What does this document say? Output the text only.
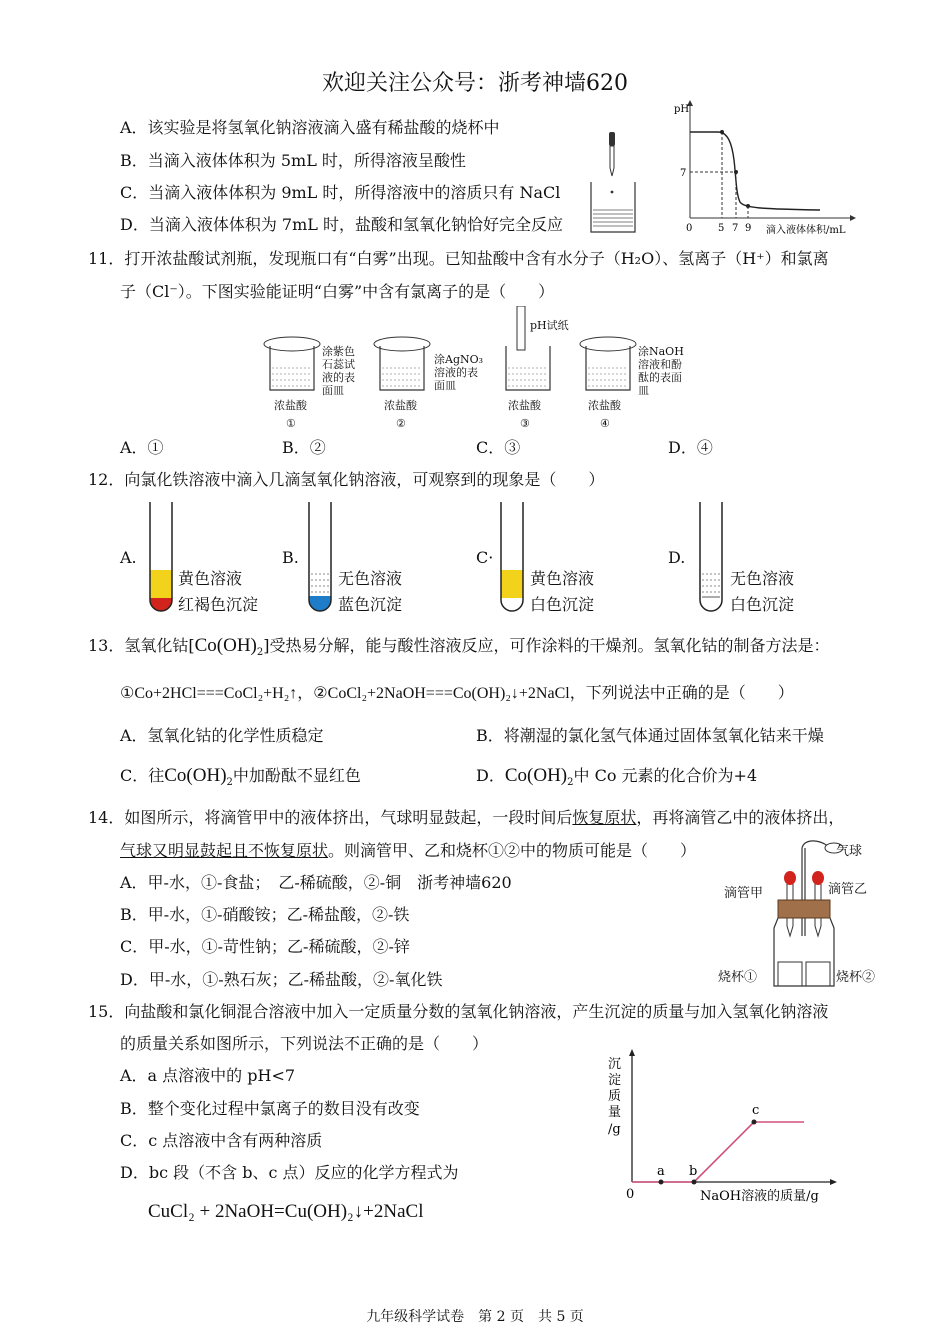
欢迎关注公众号：浙考神墙620
A．该实验是将氢氧化钠溶液滴入盛有稀盐酸的烧杯中
B．当滴入液体体积为 5mL 时，所得溶液呈酸性
C．当滴入液体体积为 9mL 时，所得溶液中的溶质只有 NaCl
D．当滴入液体体积为 7mL 时，盐酸和氢氧化钠恰好完全反应
pH
7
0	5 7 9 滴入液体体积/mL
11．打开浓盐酸试剂瓶，发现瓶口有“白雾”出现。已知盐酸中含有水分子（H₂O）、氢离子（H⁺）和氯离
子（Cl⁻）。下图实验能证明“白雾”中含有氯离子的是（　　）
涂紫色
石蕊试
液的表
面皿
浓盐酸
①
涂AgNO₃
溶液的表
面皿
浓盐酸
②
pH试纸
浓盐酸
③
涂NaOH
溶液和酚
酞的表面
皿
浓盐酸
④
A．①	B．②	C．③	D．④
12．向氯化铁溶液中滴入几滴氢氧化钠溶液，可观察到的现象是（　　）
A.
黄色溶液
红褐色沉淀
B.
无色溶液
蓝色沉淀
C·
黄色溶液
白色沉淀
D.
无色溶液
白色沉淀
13．氢氧化钴$[Co(OH)_2]$受热易分解，能与酸性溶液反应，可作涂料的干燥剂。氢氧化钴的制备方法是：
①Co+2HCl===CoCl₂+H₂↑，②CoCl₂+2NaOH===Co(OH)₂↓+2NaCl，下列说法中正确的是（　　）
A．氢氧化钴的化学性质稳定	B．将潮湿的氯化氢气体通过固体氢氧化钴来干燥
C．往$Co(OH)_2$中加酚酞不显红色	D．$Co(OH)_2$中 Co 元素的化合价为+4
14．如图所示，将滴管甲中的液体挤出，气球明显鼓起，一段时间后恢复原状，再将滴管乙中的液体挤出，
气球又明显鼓起且不恢复原状。则滴管甲、乙和烧杯①②中的物质可能是（　　）
A．甲-水，①-食盐；　乙-稀硫酸，②-铜　浙考神墙620
B．甲-水，①-硝酸铵；乙-稀盐酸，②-铁
C．甲-水，①-苛性钠；乙-稀硫酸，②-锌
D．甲-水，①-熟石灰；乙-稀盐酸，②-氧化铁
气球
滴管甲	滴管乙
烧杯①	烧杯②
15．向盐酸和氯化铜混合溶液中加入一定质量分数的氢氧化钠溶液，产生沉淀的质量与加入氢氧化钠溶液
的质量关系如图所示，下列说法不正确的是（　　）
A．a 点溶液中的 pH<7
B．整个变化过程中氯离子的数目没有改变
C．c 点溶液中含有两种溶质
D．bc 段（不含 b、c 点）反应的化学方程式为
CuCl₂ + 2NaOH=Cu(OH)₂↓+2NaCl
沉
淀
质
量
/g
0	NaOH溶液的质量/g
a b
c
九年级科学试卷　第 2 页　共 5 页
